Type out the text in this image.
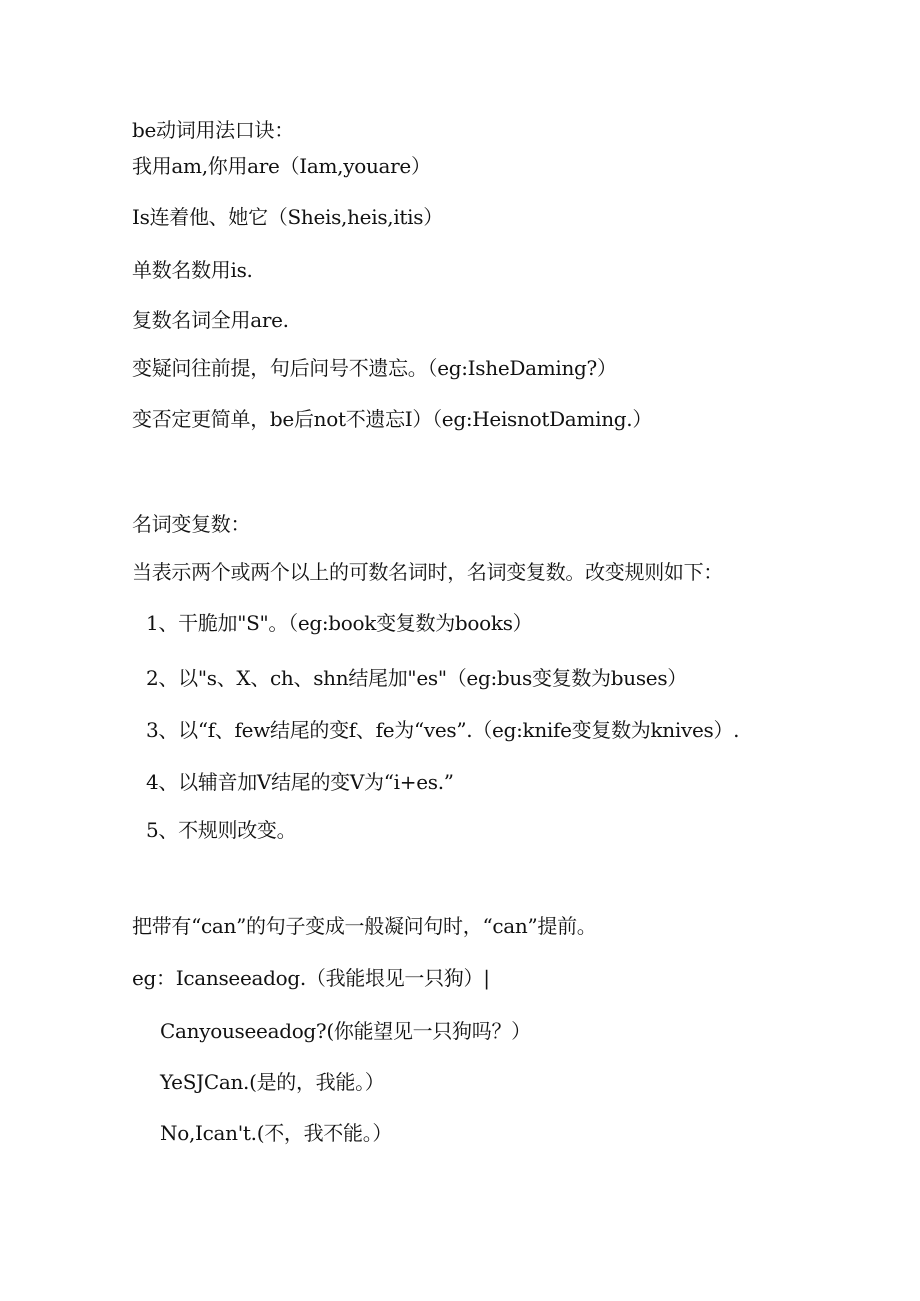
be动词用法口诀：
我用am,你用are（Iam,youare）
Is连着他、她它（Sheis,heis,itis）
单数名数用is.
复数名词全用are.
变疑问往前提，句后问号不遗忘。（eg:IsheDaming?）
变否定更简单，be后not不遗忘I）（eg:HeisnotDaming.）
名词变复数：
当表示两个或两个以上的可数名词时，名词变复数。改变规则如下：
1、干脆加"S"。（eg:book变复数为books）
2、以"s、X、ch、shn结尾加"es"（eg:bus变复数为buses）
3、以“f、few结尾的变f、fe为“ves”.（eg:knife变复数为knives）.
4、以辅音加V结尾的变V为“i+es.”
5、不规则改变。
把带有“can”的句子变成一般凝问句时，“can”提前。
eg：Icanseeadog.（我能垠见一只狗）|
Canyouseeadog?(你能望见一只狗吗？）
YeSJCan.(是的，我能。）
No,Ican't.(不，我不能。）
